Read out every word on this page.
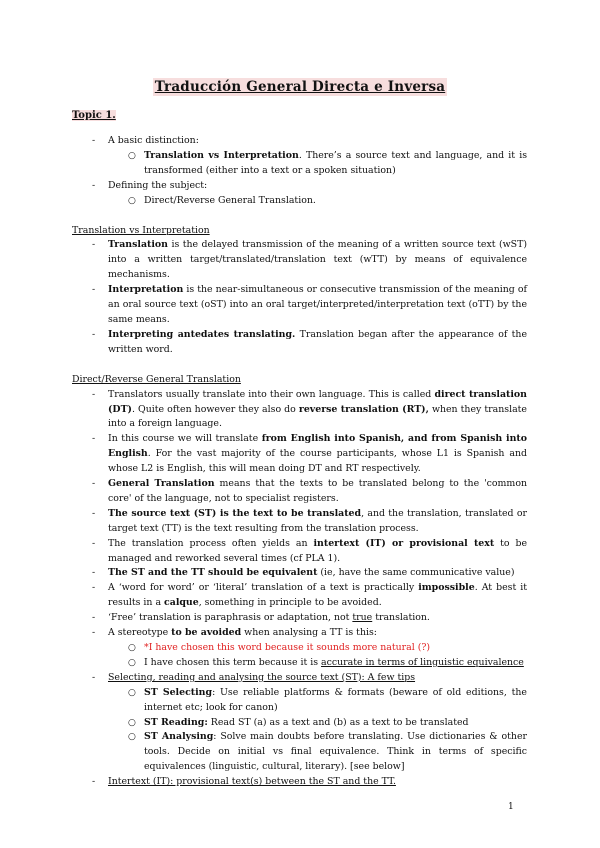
Traducción General Directa e Inversa
Topic 1.
- A basic distinction:
○ Translation vs Interpretation. There’s a source text and language, and it is transformed (either into a text or a spoken situation)
- Defining the subject:
○ Direct/Reverse General Translation.

Translation vs Interpretation

- Translation is the delayed transmission of the meaning of a written source text (wST) into a written target/translated/translation text (wTT) by means of equivalence mechanisms.
- Interpretation is the near-simultaneous or consecutive transmission of the meaning of an oral source text (oST) into an oral target/interpreted/interpretation text (oTT) by the same means.
- Interpreting antedates translating. Translation began after the appearance of the written word.

Direct/Reverse General Translation

- Translators usually translate into their own language. This is called direct translation (DT). Quite often however they also do reverse translation (RT), when they translate into a foreign language.
- In this course we will translate from English into Spanish, and from Spanish into English. For the vast majority of the course participants, whose L1 is Spanish and whose L2 is English, this will mean doing DT and RT respectively.
- General Translation means that the texts to be translated belong to the 'common core' of the language, not to specialist registers.
- The source text (ST) is the text to be translated, and the translation, translated or target text (TT) is the text resulting from the translation process.
- The translation process often yields an intertext (IT) or provisional text to be managed and reworked several times (cf PLA 1).
- The ST and the TT should be equivalent (ie, have the same communicative value)
- A ‘word for word’ or ‘literal’ translation of a text is practically impossible. At best it results in a calque, something in principle to be avoided.
- ‘Free’ translation is paraphrasis or adaptation, not true translation.
- A stereotype to be avoided when analysing a TT is this:
○ *I have chosen this word because it sounds more natural (?)
○ I have chosen this term because it is accurate in terms of linguistic equivalence
- Selecting, reading and analysing the source text (ST): A few tips
○ ST Selecting: Use reliable platforms & formats (beware of old editions, the internet etc; look for canon)
○ ST Reading: Read ST (a) as a text and (b) as a text to be translated
○ ST Analysing: Solve main doubts before translating. Use dictionaries & other tools. Decide on initial vs final equivalence. Think in terms of specific equivalences (linguistic, cultural, literary). [see below]
- Intertext (IT): provisional text(s) between the ST and the TT.
1
